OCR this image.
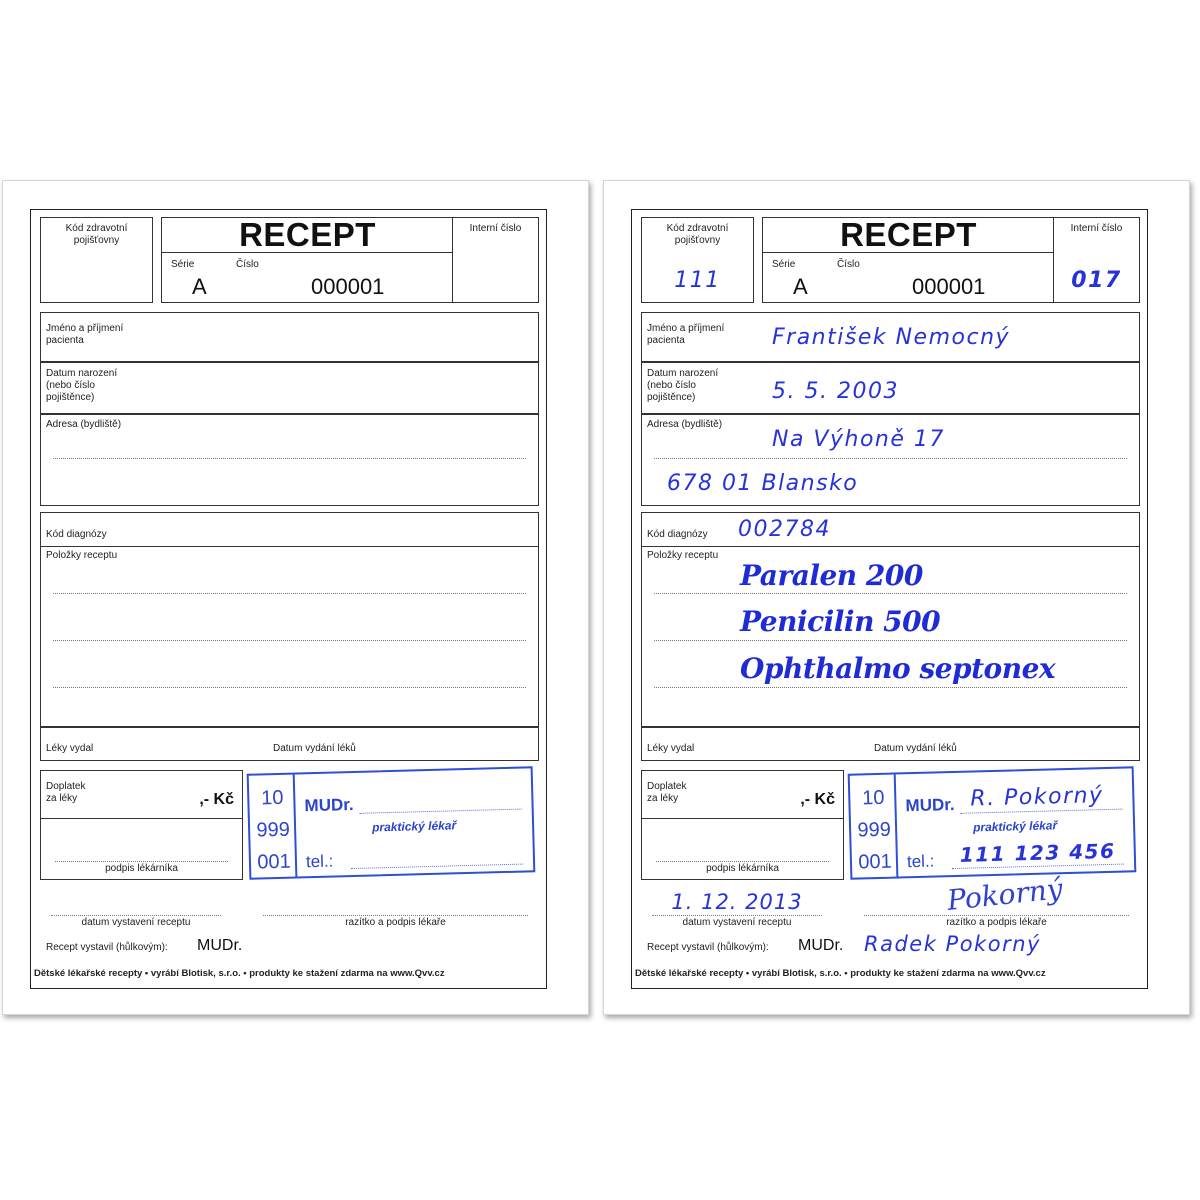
Kód zdravotní
pojišťovny	RECEPT
Série	Číslo
A	000001
Interní číslo
Jméno a příjmení
pacienta
Datum narození
(nebo číslo
pojištěnce)
Adresa (bydliště)
Kód diagnózy
Položky receptu
Léky vydal	Datum vydání léků
Doplatek
za léky	,- Kč
podpis lékárníka
10
999
001
MUDr.
praktický lékař
tel.:
datum vystavení receptu	razítko a podpis lékaře
Recept vystavil (hůlkovým): MUDr.
Dětské lékařské recepty • vyrábí Blotisk, s.r.o. • produkty ke stažení zdarma na www.Qvv.cz
Kód zdravotní
pojišťovny
111
RECEPT
Série	Číslo
A	000001
Interní číslo
017
Jméno a příjmení
pacienta	František Nemocný
Datum narození
(nebo číslo
pojištěnce)	5. 5. 2003
Adresa (bydliště)
Na Výhoně 17
678 01 Blansko
Kód diagnózy 002784
Položky receptu
Paralen 200
Penicilin 500
Ophthalmo septonex
Léky vydal	Datum vydání léků
Doplatek
za léky	,- Kč
podpis lékárníka
10
999
001
MUDr. R. Pokorný
praktický lékař
tel.: 111 123 456
1. 12. 2013
datum vystavení receptu
Pokorný
razítko a podpis lékaře
Recept vystavil (hůlkovým): MUDr. Radek Pokorný
Dětské lékařské recepty • vyrábí Blotisk, s.r.o. • produkty ke stažení zdarma na www.Qvv.cz
